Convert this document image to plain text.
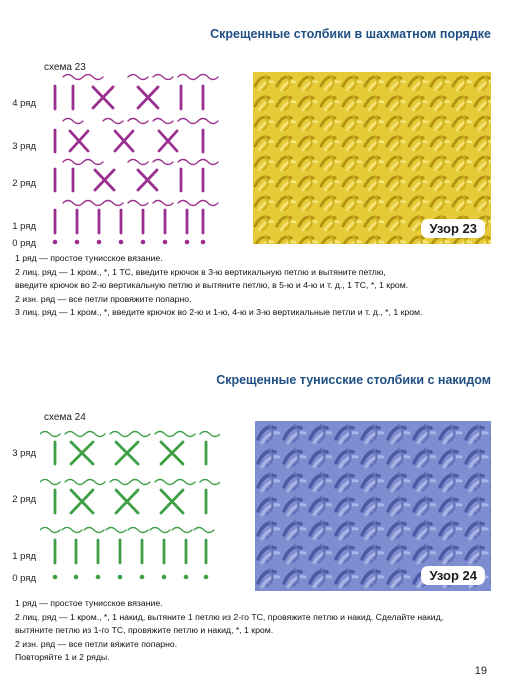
Скрещенные столбики в шахматном порядке
схема 23
4 ряд
3 ряд
2 ряд
1 ряд
0 ряд
Узор 23

1 ряд — простое тунисское вязание.

2 лиц. ряд — 1 кром., *, 1 ТС, введите крючок в 3-ю вертикальную петлю и вытяните петлю,

введите крючок во 2-ю вертикальную петлю и вытяните петлю, в 5-ю и 4-ю и т. д., 1 ТС, *, 1 кром.

2 изн. ряд — все петли провяжите попарно.

3 лиц. ряд — 1 кром., *, введите крючок во 2-ю и 1-ю, 4-ю и 3-ю вертикальные петли и т. д., *, 1 кром.

Скрещенные тунисские столбики с накидом
схема 24
3 ряд
2 ряд
1 ряд
0 ряд	Узор 24

1 ряд — простое тунисское вязание.

2 лиц. ряд — 1 кром., *, 1 накид, вытяните 1 петлю из 2-го ТС, провяжите петлю и накид. Сделайте накид,

вытяните петлю из 1-го ТС, провяжите петлю и накид, *, 1 кром.

2 изн. ряд — все петли вяжите попарно.

Повторяйте 1 и 2 ряды.

19
